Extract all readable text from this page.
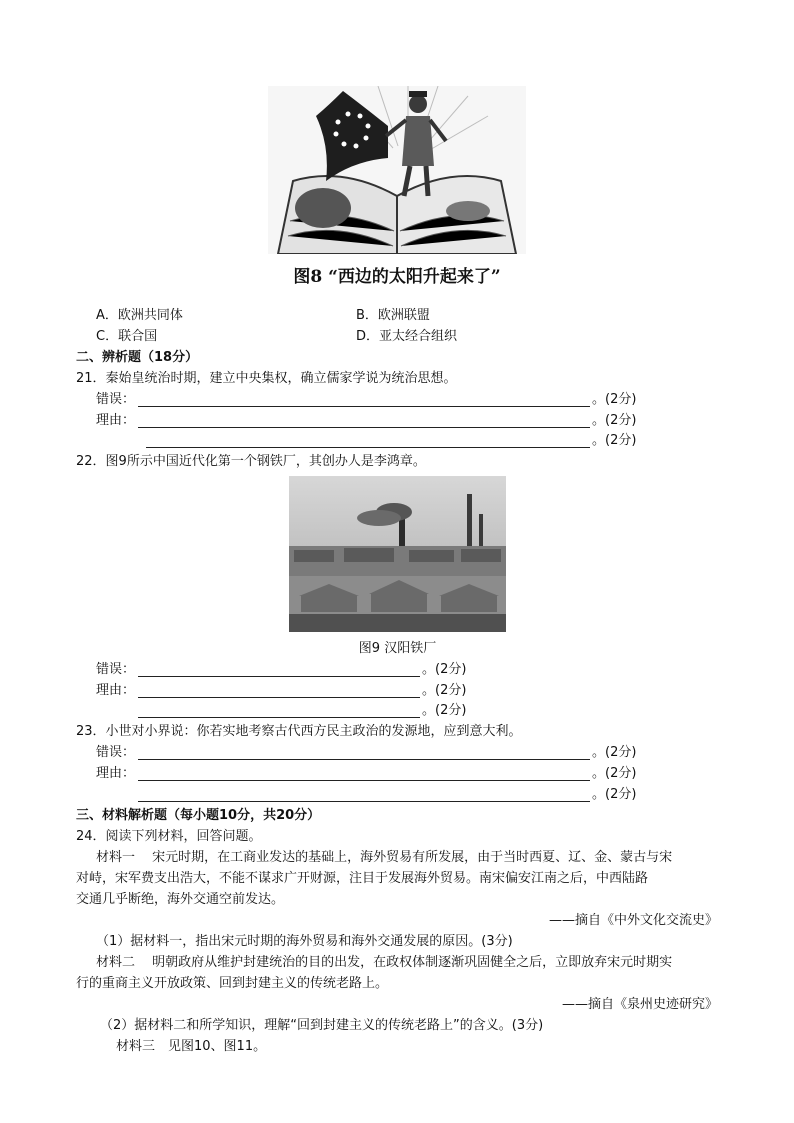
图8 “西边的太阳升起来了”
A．欧洲共同体	B．欧洲联盟
C．联合国	D．亚太经合组织
二、辨析题（18分）
21．秦始皇统治时期，建立中央集权，确立儒家学说为统治思想。
错误：	。(2分)
理由：	。(2分)
。(2分)
22．图9所示中国近代化第一个钢铁厂，其创办人是李鸿章。
图9 汉阳铁厂
错误：	。(2分)
理由：	。(2分)
。(2分)
23．小世对小界说：你若实地考察古代西方民主政治的发源地，应到意大利。
错误：	。(2分)
理由：	。(2分)
。(2分)
三、材料解析题（每小题10分，共20分）
24．阅读下列材料，回答问题。
材料一　 宋元时期，在工商业发达的基础上，海外贸易有所发展，由于当时西夏、辽、金、蒙古与宋
对峙，宋军费支出浩大，不能不谋求广开财源，注目于发展海外贸易。南宋偏安江南之后，中西陆路
交通几乎断绝，海外交通空前发达。
——摘自《中外文化交流史》
（1）据材料一，指出宋元时期的海外贸易和海外交通发展的原因。(3分)
材料二　 明朝政府从维护封建统治的目的出发，在政权体制逐渐巩固健全之后，立即放弃宋元时期实
行的重商主义开放政策、回到封建主义的传统老路上。
——摘自《泉州史迹研究》
（2）据材料二和所学知识，理解“回到封建主义的传统老路上”的含义。(3分)
材料三　见图10、图11。
